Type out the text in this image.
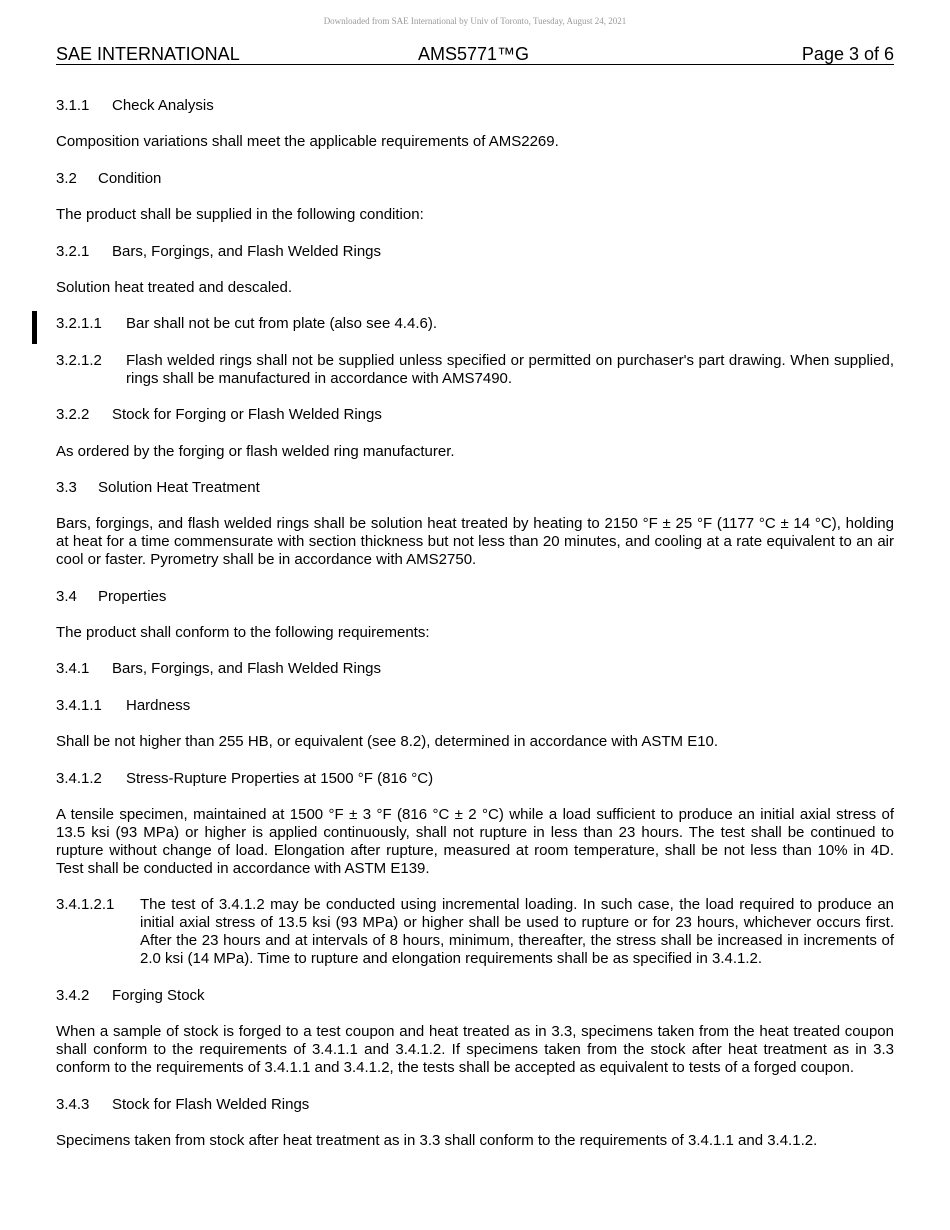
Downloaded from SAE International by Univ of Toronto, Tuesday, August 24, 2021
SAE INTERNATIONAL	AMS5771™G	Page 3 of 6
3.1.1	Check Analysis
Composition variations shall meet the applicable requirements of AMS2269.
3.2	Condition
The product shall be supplied in the following condition:
3.2.1	Bars, Forgings, and Flash Welded Rings
Solution heat treated and descaled.
3.2.1.1	Bar shall not be cut from plate (also see 4.4.6).
3.2.1.2	Flash welded rings shall not be supplied unless specified or permitted on purchaser's part drawing. When supplied, rings shall be manufactured in accordance with AMS7490.
3.2.2	Stock for Forging or Flash Welded Rings
As ordered by the forging or flash welded ring manufacturer.
3.3	Solution Heat Treatment
Bars, forgings, and flash welded rings shall be solution heat treated by heating to 2150 °F ± 25 °F (1177 °C ± 14 °C), holding at heat for a time commensurate with section thickness but not less than 20 minutes, and cooling at a rate equivalent to an air cool or faster. Pyrometry shall be in accordance with AMS2750.
3.4	Properties
The product shall conform to the following requirements:
3.4.1	Bars, Forgings, and Flash Welded Rings
3.4.1.1	Hardness
Shall be not higher than 255 HB, or equivalent (see 8.2), determined in accordance with ASTM E10.
3.4.1.2	Stress-Rupture Properties at 1500 °F (816 °C)
A tensile specimen, maintained at 1500 °F ± 3 °F (816 °C ± 2 °C) while a load sufficient to produce an initial axial stress of 13.5 ksi (93 MPa) or higher is applied continuously, shall not rupture in less than 23 hours. The test shall be continued to rupture without change of load. Elongation after rupture, measured at room temperature, shall be not less than 10% in 4D. Test shall be conducted in accordance with ASTM E139.
3.4.1.2.1	The test of 3.4.1.2 may be conducted using incremental loading. In such case, the load required to produce an initial axial stress of 13.5 ksi (93 MPa) or higher shall be used to rupture or for 23 hours, whichever occurs first. After the 23 hours and at intervals of 8 hours, minimum, thereafter, the stress shall be increased in increments of 2.0 ksi (14 MPa). Time to rupture and elongation requirements shall be as specified in 3.4.1.2.
3.4.2	Forging Stock
When a sample of stock is forged to a test coupon and heat treated as in 3.3, specimens taken from the heat treated coupon shall conform to the requirements of 3.4.1.1 and 3.4.1.2. If specimens taken from the stock after heat treatment as in 3.3 conform to the requirements of 3.4.1.1 and 3.4.1.2, the tests shall be accepted as equivalent to tests of a forged coupon.
3.4.3	Stock for Flash Welded Rings
Specimens taken from stock after heat treatment as in 3.3 shall conform to the requirements of 3.4.1.1 and 3.4.1.2.
